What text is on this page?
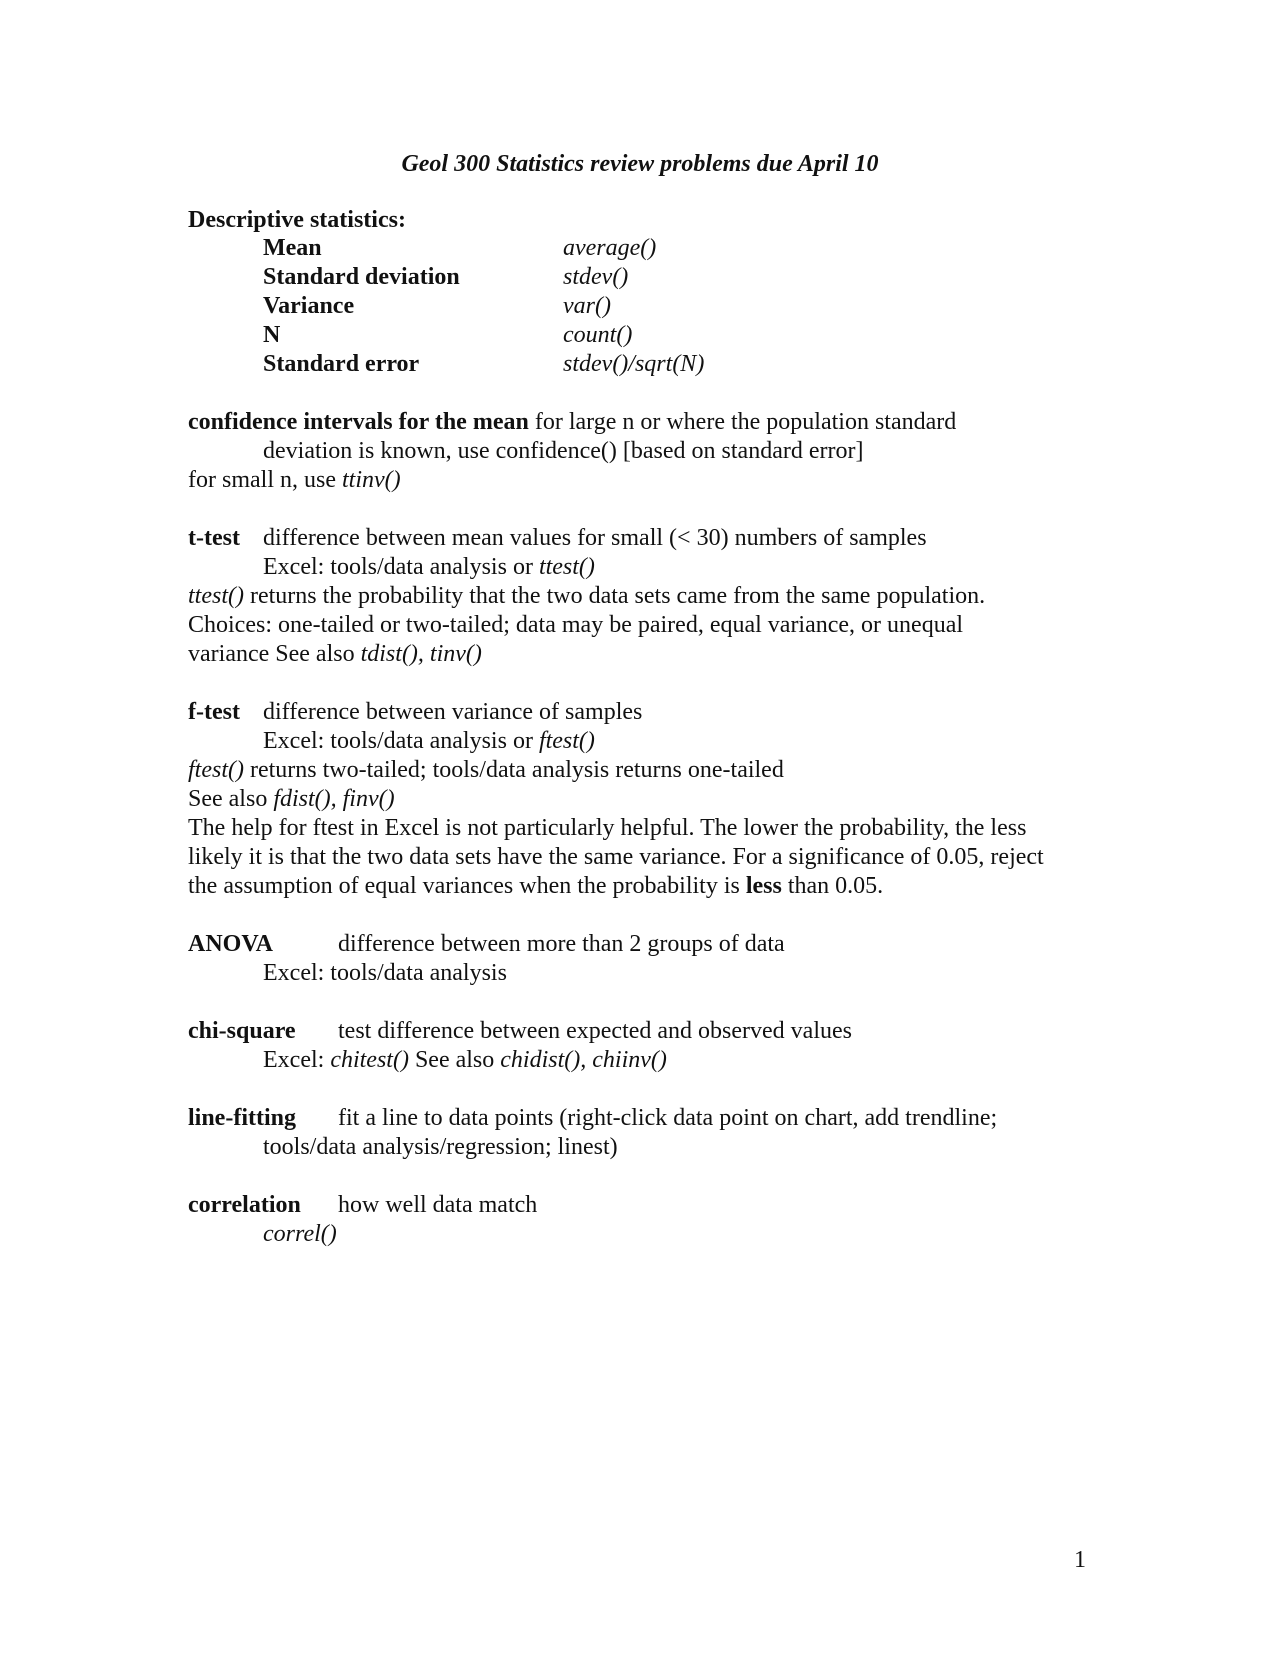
Geol 300 Statistics review problems due April 10
Descriptive statistics:
Mean	average()
Standard deviation	stdev()
Variance	var()
N	count()
Standard error	stdev()/sqrt(N)
confidence intervals for the mean for large n or where the population standard
deviation is known, use confidence() [based on standard error]
for small n, use ttinv()
t-test difference between mean values for small (< 30) numbers of samples
Excel: tools/data analysis or ttest()
ttest() returns the probability that the two data sets came from the same population.
Choices: one-tailed or two-tailed; data may be paired, equal variance, or unequal
variance See also tdist(), tinv()
f-test difference between variance of samples
Excel: tools/data analysis or ftest()
ftest() returns two-tailed; tools/data analysis returns one-tailed
See also fdist(), finv()
The help for ftest in Excel is not particularly helpful. The lower the probability, the less
likely it is that the two data sets have the same variance. For a significance of 0.05, reject
the assumption of equal variances when the probability is less than 0.05.
ANOVA	difference between more than 2 groups of data
Excel: tools/data analysis
chi-square test difference between expected and observed values
Excel: chitest() See also chidist(), chiinv()
line-fitting fit a line to data points (right-click data point on chart, add trendline;
tools/data analysis/regression; linest)
correlation how well data match
correl()
1
